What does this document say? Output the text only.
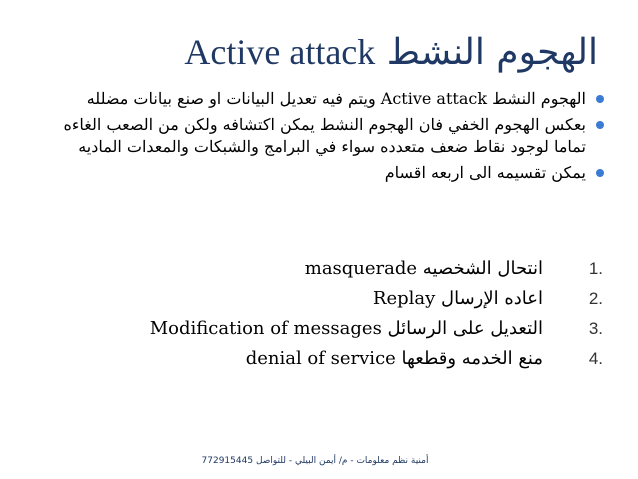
الهجوم النشط Active attack
الهجوم النشط Active attack ويتم فيه تعديل البيانات او صنع بيانات مضلله
بعكس الهجوم الخفي فان الهجوم النشط يمكن اكتشافه ولكن من الصعب الغاءه تماما لوجود نقاط ضعف متعدده سواء في البرامج والشبكات والمعدات الماديه
يمكن تقسيمه الى اربعه اقسام
1.
انتحال الشخصيه masquerade
2.
اعاده الإرسال Replay
3.
التعديل على الرسائل Modification of messages
4.
منع الخدمه وقطعها denial of service
أمنية نظم معلومات - م/ أيمن البيلي - للتواصل 772915445
